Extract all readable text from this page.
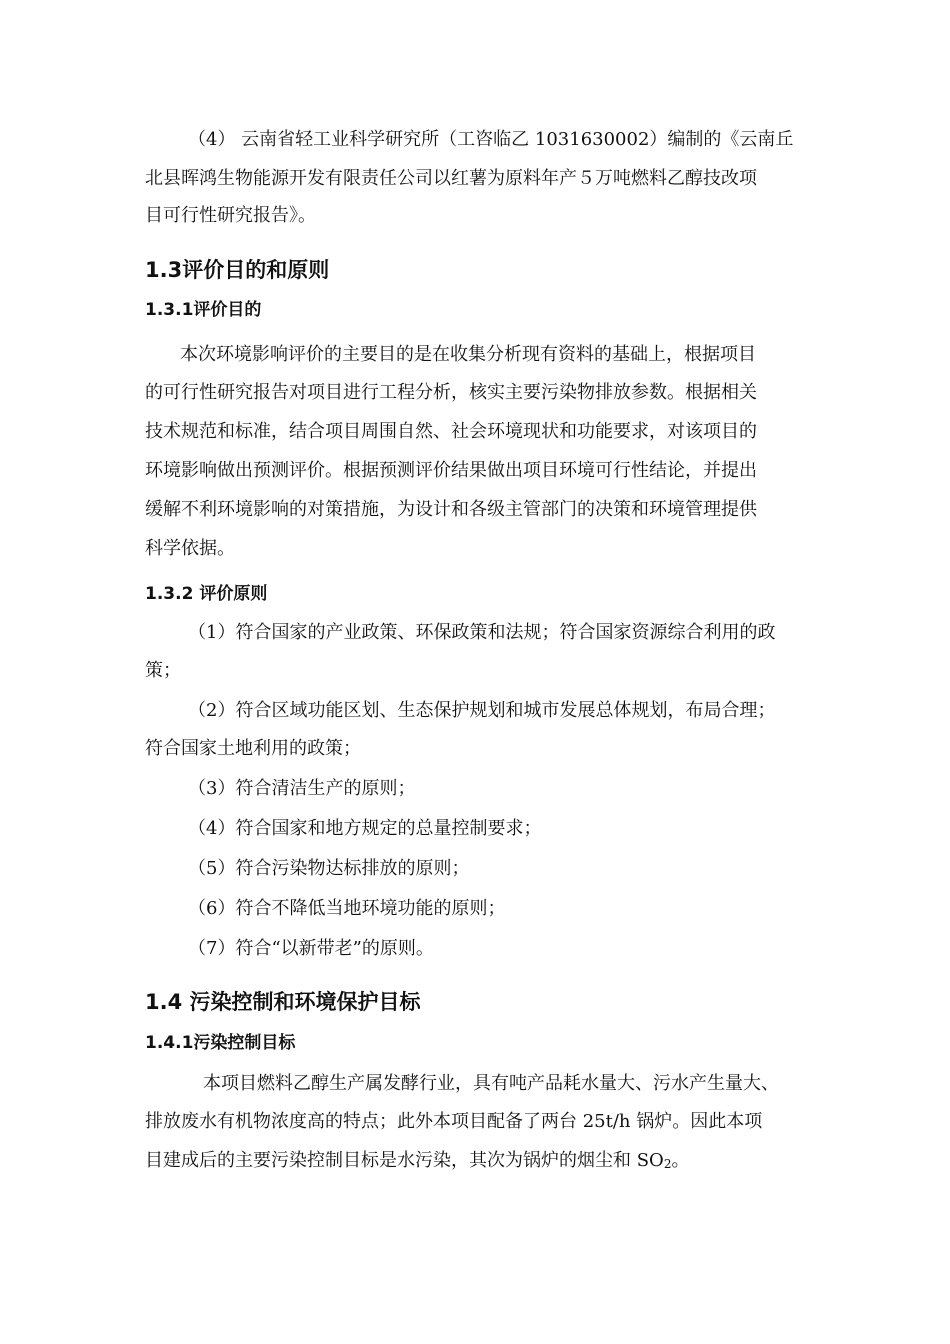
（4） 云南省轻工业科学研究所（工咨临乙 1031630002）编制的《云南丘
北县晖鸿生物能源开发有限责任公司以红薯为原料年产５万吨燃料乙醇技改项
目可行性研究报告》。
1.3评价目的和原则
1.3.1评价目的
本次环境影响评价的主要目的是在收集分析现有资料的基础上，根据项目
的可行性研究报告对项目进行工程分析，核实主要污染物排放参数。根据相关
技术规范和标准，结合项目周围自然、社会环境现状和功能要求，对该项目的
环境影响做出预测评价。根据预测评价结果做出项目环境可行性结论，并提出
缓解不利环境影响的对策措施，为设计和各级主管部门的决策和环境管理提供
科学依据。
1.3.2 评价原则
（1）符合国家的产业政策、环保政策和法规；符合国家资源综合利用的政
策；
（2）符合区域功能区划、生态保护规划和城市发展总体规划，布局合理；
符合国家土地利用的政策；
（3）符合清洁生产的原则；
（4）符合国家和地方规定的总量控制要求；
（5）符合污染物达标排放的原则；
（6）符合不降低当地环境功能的原则；
（7）符合“以新带老”的原则。
1.4 污染控制和环境保护目标
1.4.1污染控制目标
本项目燃料乙醇生产属发酵行业，具有吨产品耗水量大、污水产生量大、
排放废水有机物浓度高的特点；此外本项目配备了两台 25t/h 锅炉。因此本项
目建成后的主要污染控制目标是水污染，其次为锅炉的烟尘和 $SO_2$。
